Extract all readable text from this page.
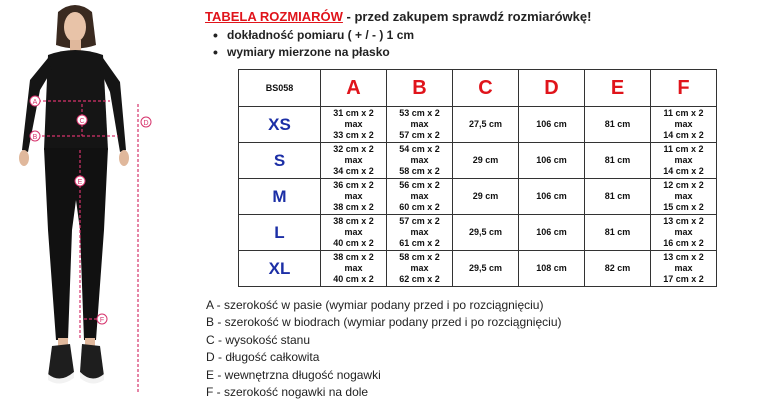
A
C
B
D
E
F
TABELA ROZMIARÓW - przed zakupem sprawdź rozmiarówkę!
• dokładność pomiaru ( + / - ) 1 cm
• wymiary mierzone na płasko
BS058	A	B	C	D	E	F
XS	31 cm x 2
max
33 cm x 2	53 cm x 2
max
57 cm x 2	27,5 cm	106 cm	81 cm	11 cm x 2
max
14 cm x 2

S	32 cm x 2
max
34 cm x 2	54 cm x 2
max
58 cm x 2	29 cm	106 cm	81 cm	11 cm x 2
max
14 cm x 2

M	36 cm x 2
max
38 cm x 2	56 cm x 2
max
60 cm x 2	29 cm	106 cm	81 cm	12 cm x 2
max
15 cm x 2

L	38 cm x 2
max
40 cm x 2	57 cm x 2
max
61 cm x 2	29,5 cm	106 cm	81 cm	13 cm x 2
max
16 cm x 2

XL	38 cm x 2
max
40 cm x 2	58 cm x 2
max
62 cm x 2	29,5 cm	108 cm	82 cm	13 cm x 2
max
17 cm x 2
A - szerokość w pasie (wymiar podany przed i po rozciągnięciu)
B - szerokość w biodrach (wymiar podany przed i po rozciągnięciu)
C - wysokość stanu
D - długość całkowita
E - wewnętrzna długość nogawki
F - szerokość nogawki na dole
